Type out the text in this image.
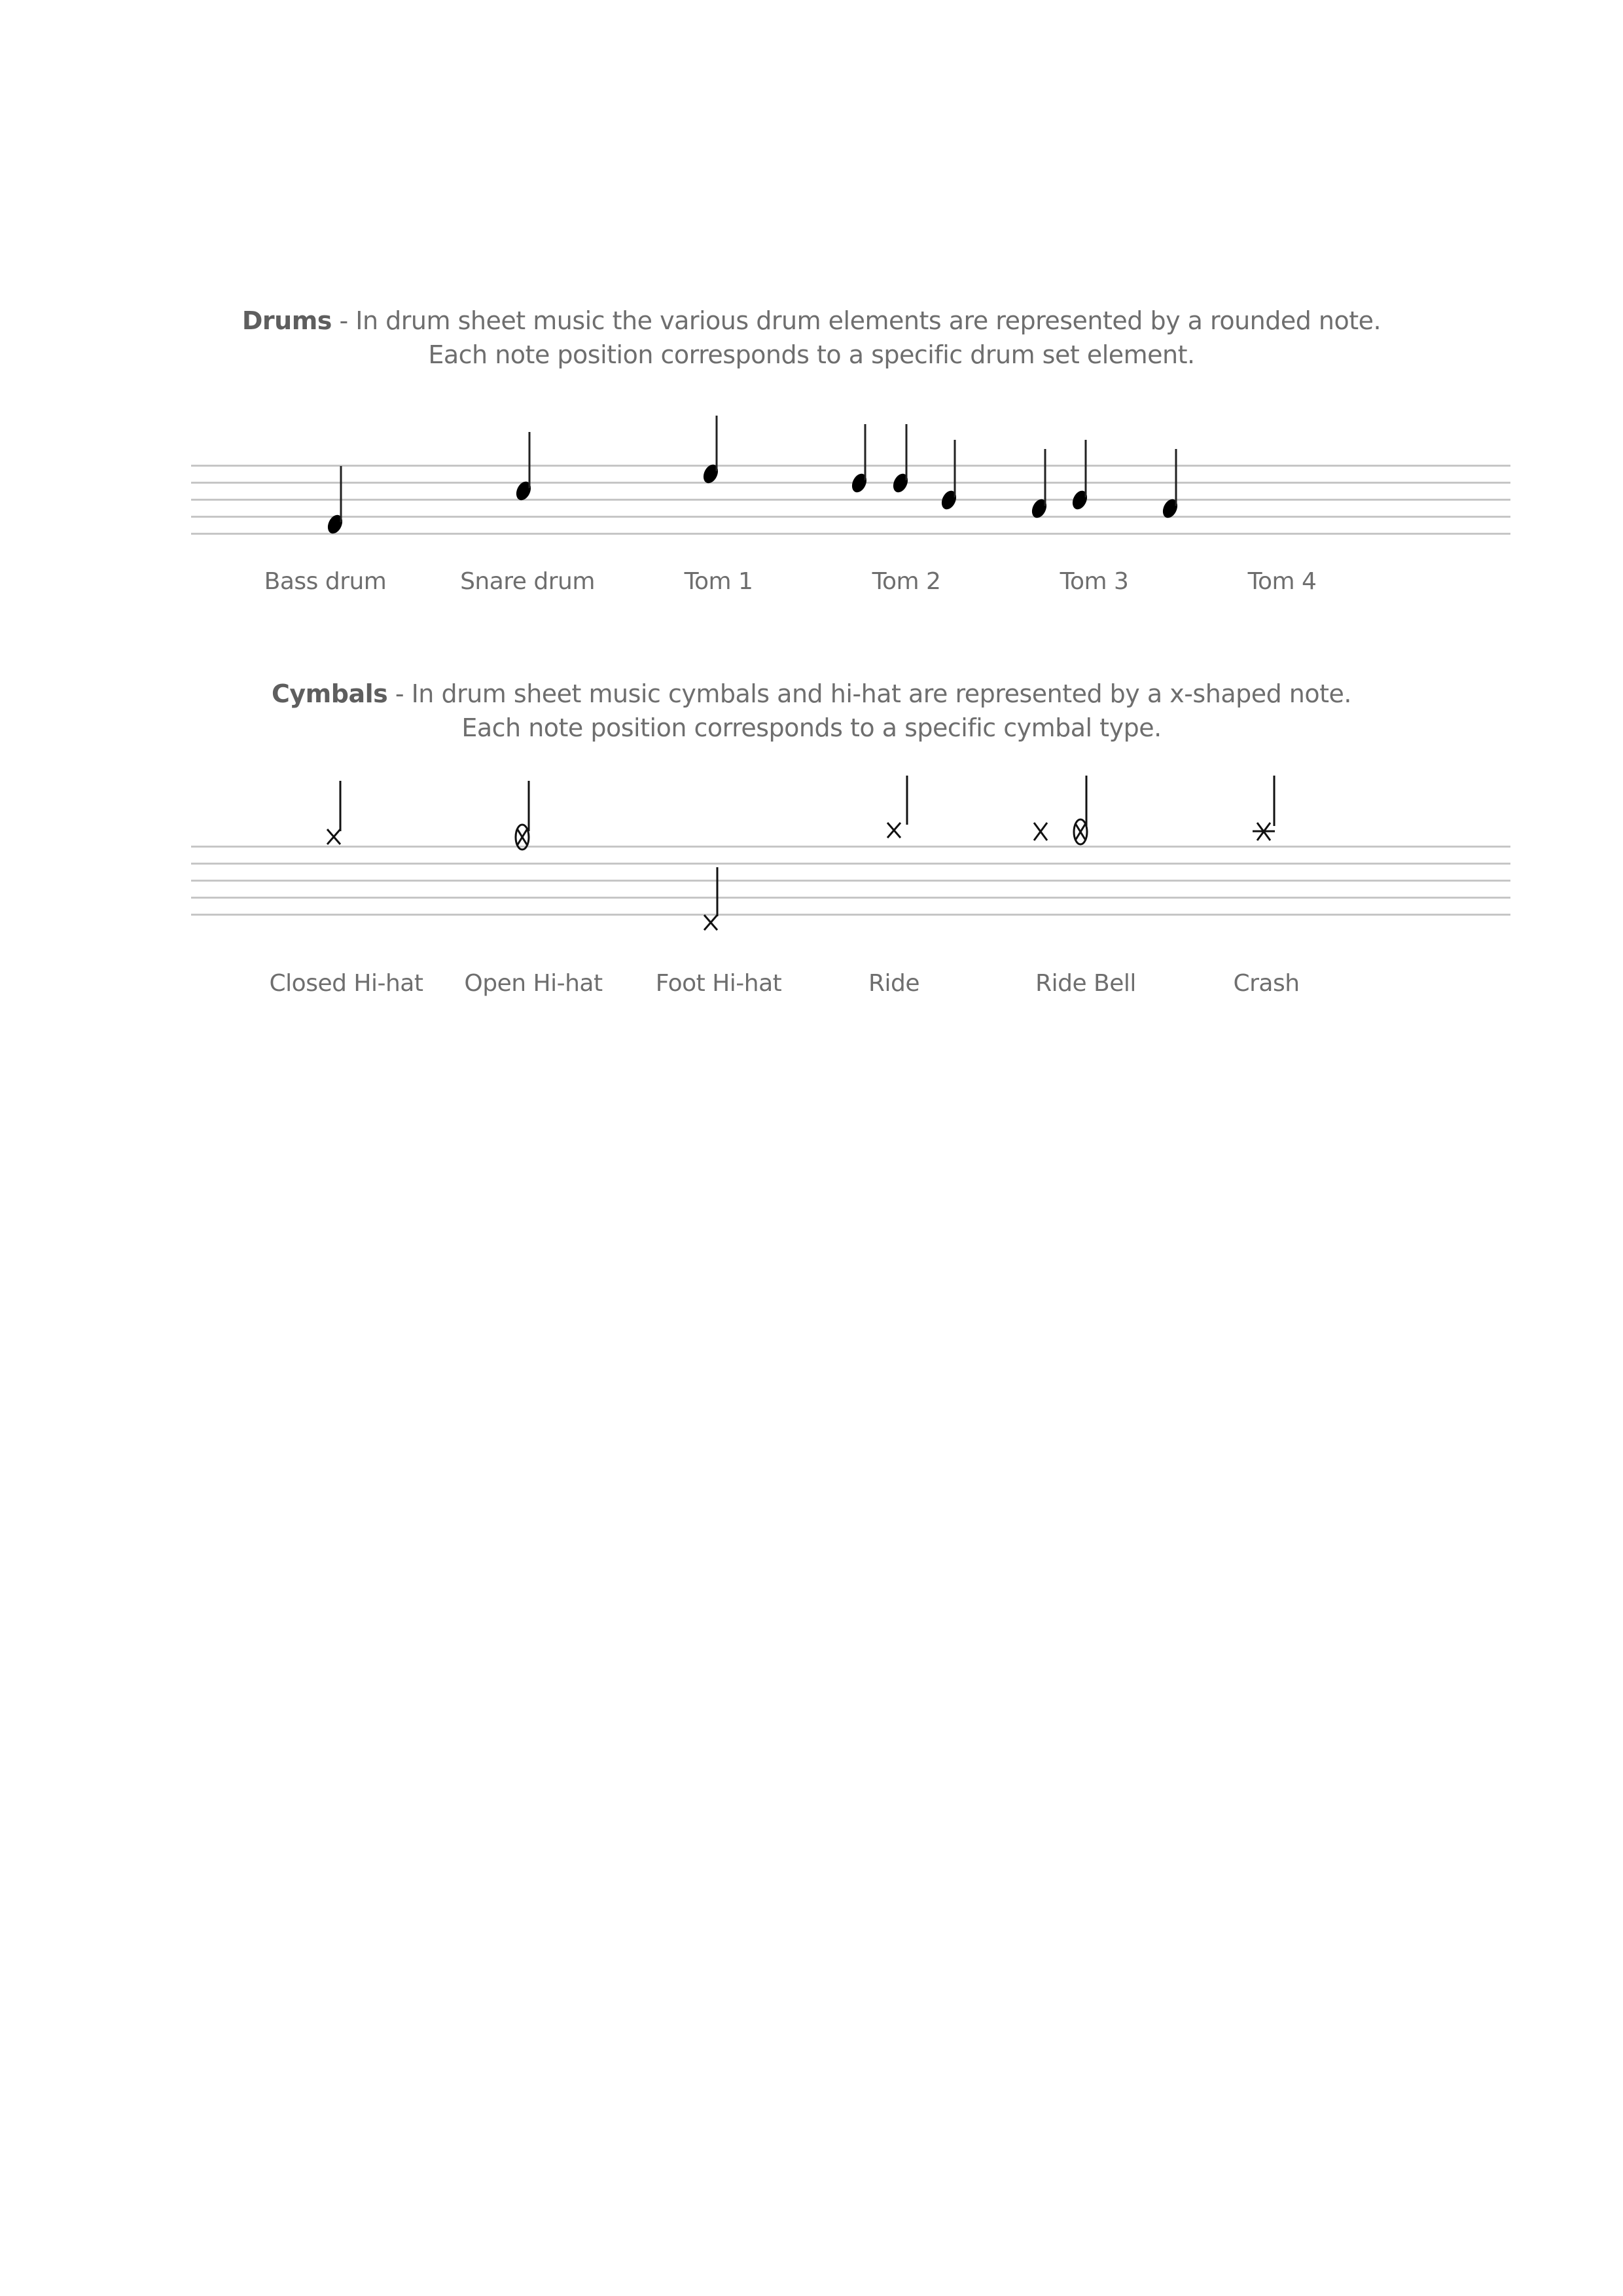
Drums - In drum sheet music the various drum elements are represented by a rounded note.
Each note position corresponds to a specific drum set element.
Bass drum	Snare drum	Tom 1	Tom 2	Tom 3	Tom 4
Cymbals - In drum sheet music cymbals and hi-hat are represented by a x-shaped note.
Each note position corresponds to a specific cymbal type.
Closed Hi-hat Open Hi-hat Foot Hi-hat	Ride	Ride Bell	Crash
